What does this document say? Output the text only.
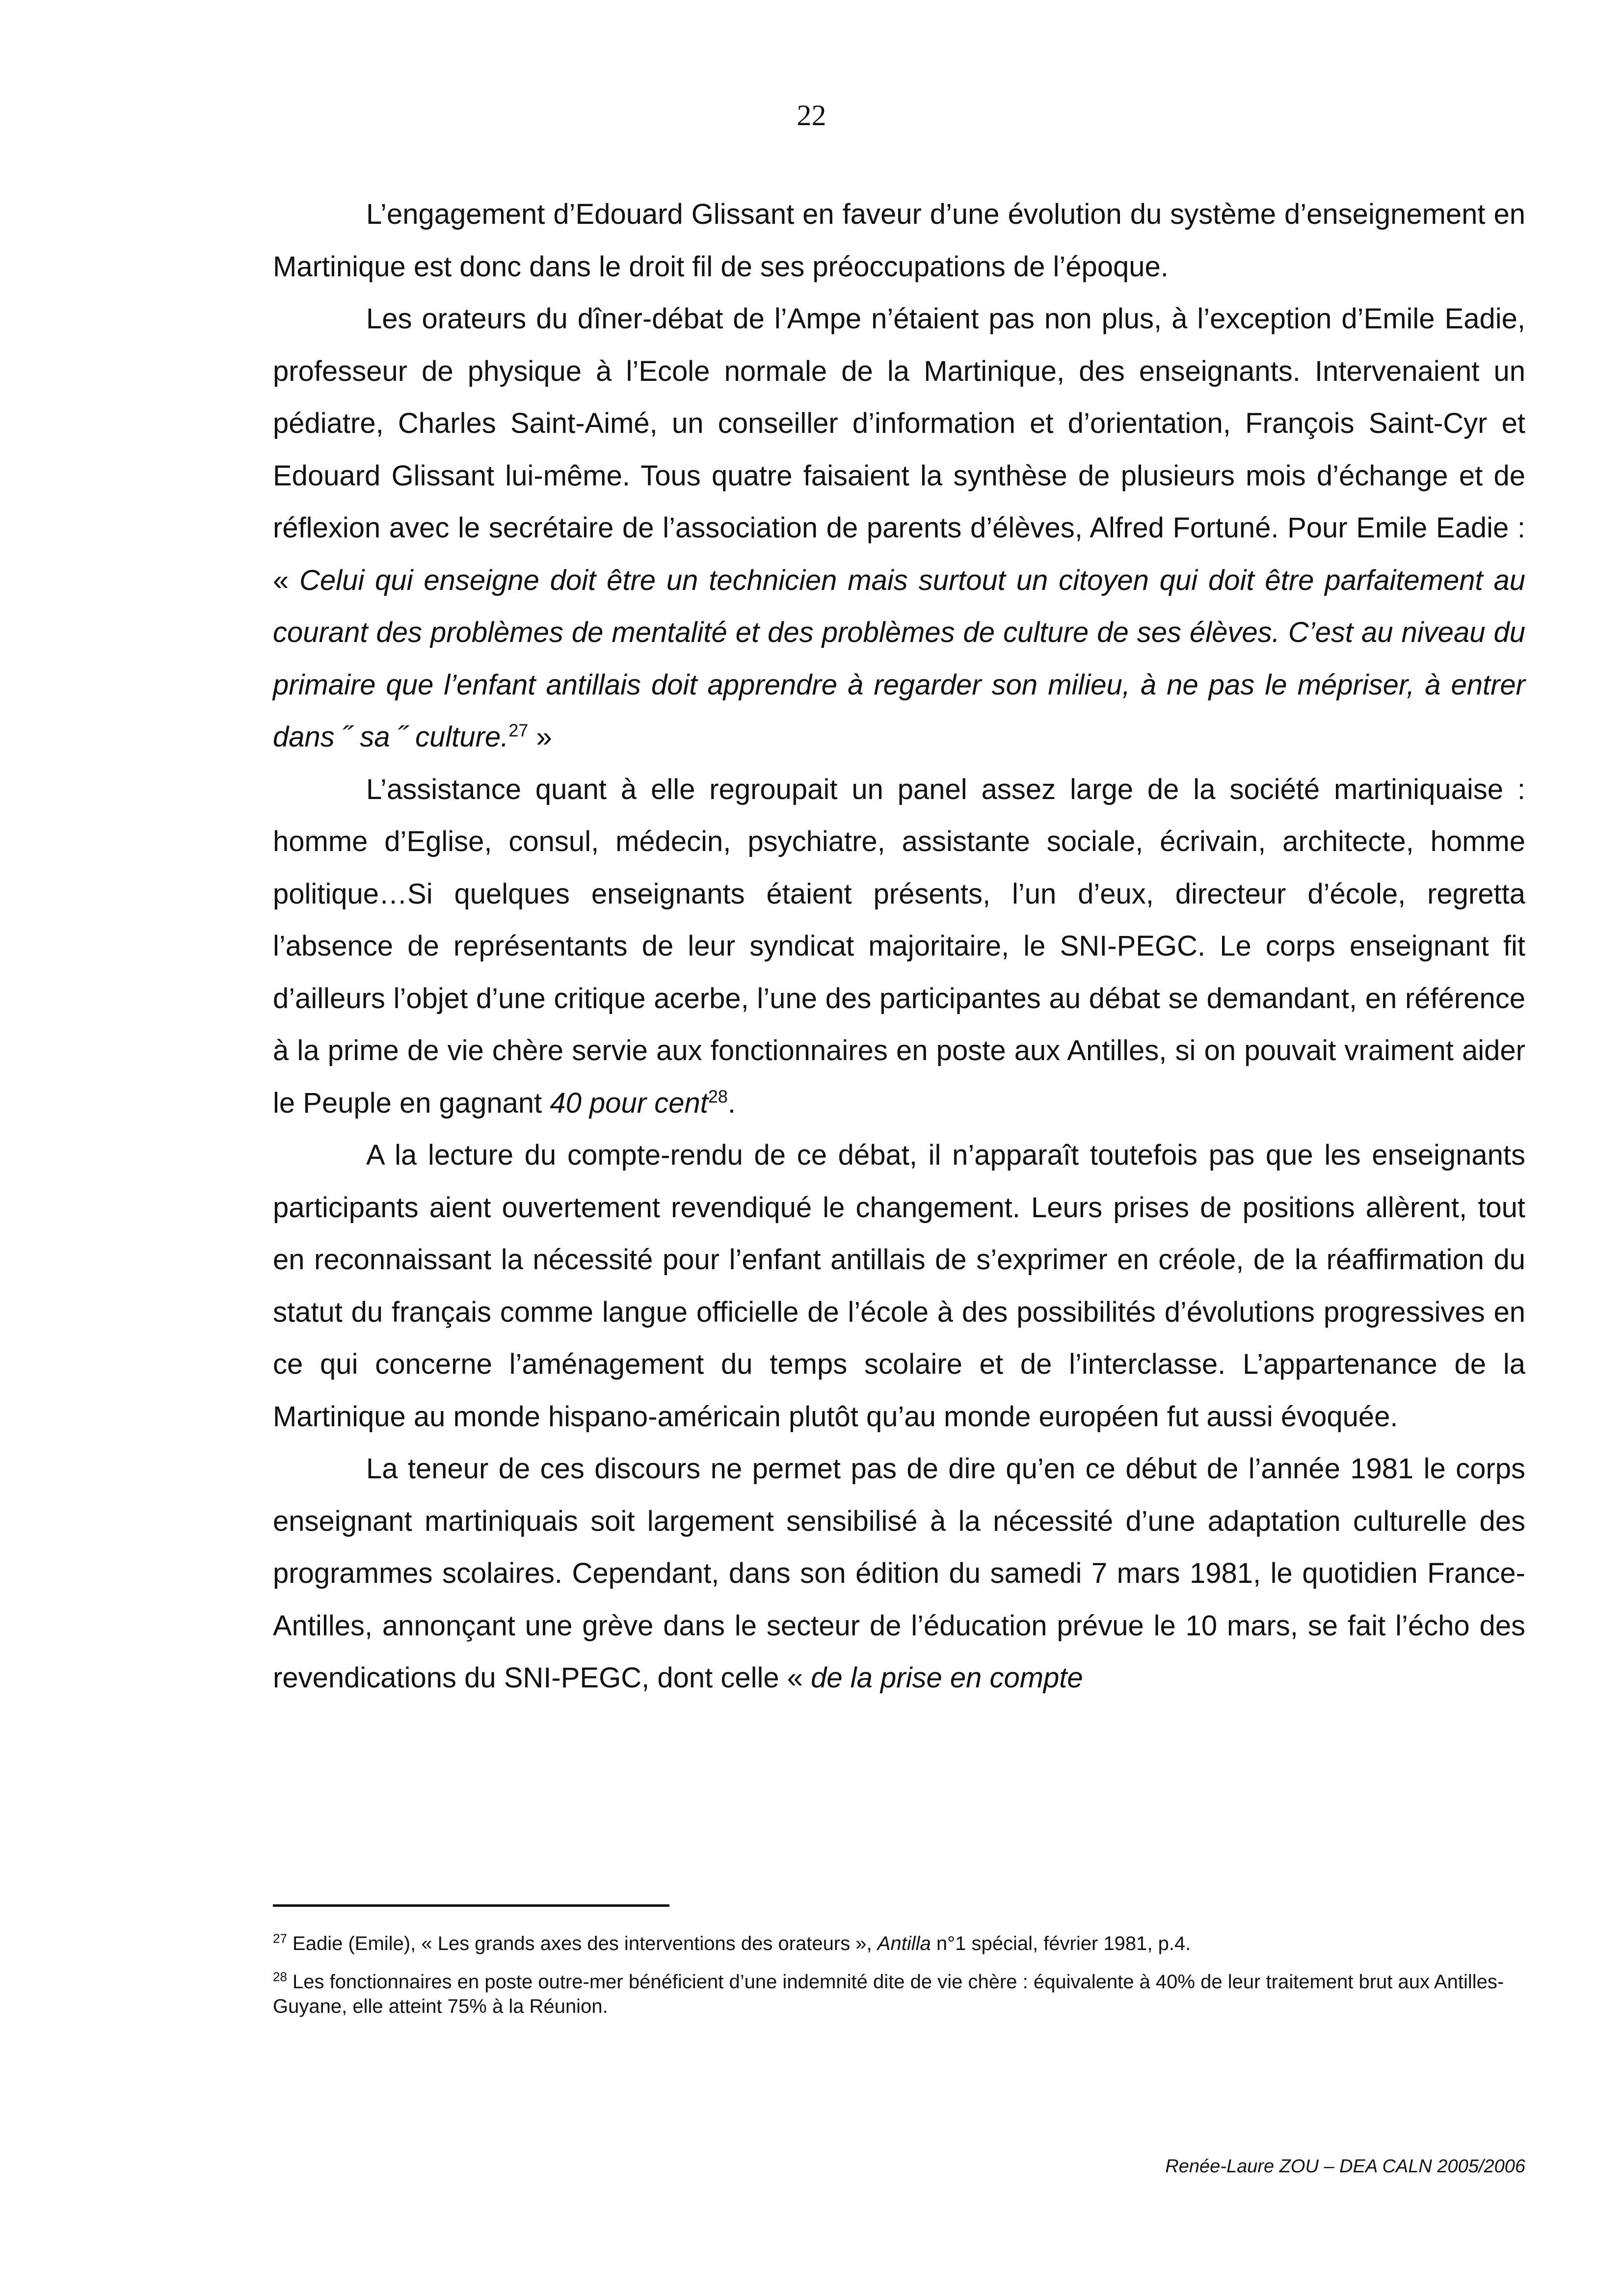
22

L’engagement d’Edouard Glissant en faveur d’une évolution du système d’enseignement en Martinique est donc dans le droit fil de ses préoccupations de l’époque.

Les orateurs du dîner-débat de l’Ampe n’étaient pas non plus, à l’exception d’Emile Eadie, professeur de physique à l’Ecole normale de la Martinique, des enseignants. Intervenaient un pédiatre, Charles Saint-Aimé, un conseiller d’information et d’orientation, François Saint-Cyr et Edouard Glissant lui-même. Tous quatre faisaient la synthèse de plusieurs mois d’échange et de réflexion avec le secrétaire de l’association de parents d’élèves, Alfred Fortuné. Pour Emile Eadie : « Celui qui enseigne doit être un technicien mais surtout un citoyen qui doit être parfaitement au courant des problèmes de mentalité et des problèmes de culture de ses élèves. C’est au niveau du primaire que l’enfant antillais doit apprendre à regarder son milieu, à ne pas le mépriser, à entrer dans ˝ sa ˝ culture.$^{27}$ »

L’assistance quant à elle regroupait un panel assez large de la société martiniquaise : homme d’Eglise, consul, médecin, psychiatre, assistante sociale, écrivain, architecte, homme politique…Si quelques enseignants étaient présents, l’un d’eux, directeur d’école, regretta l’absence de représentants de leur syndicat majoritaire, le SNI-PEGC. Le corps enseignant fit d’ailleurs l’objet d’une critique acerbe, l’une des participantes au débat se demandant, en référence à la prime de vie chère servie aux fonctionnaires en poste aux Antilles, si on pouvait vraiment aider le Peuple en gagnant 40 pour cent$^{28}$.

A la lecture du compte-rendu de ce débat, il n’apparaît toutefois pas que les enseignants participants aient ouvertement revendiqué le changement. Leurs prises de positions allèrent, tout en reconnaissant la nécessité pour l’enfant antillais de s’exprimer en créole, de la réaffirmation du statut du français comme langue officielle de l’école à des possibilités d’évolutions progressives en ce qui concerne l’aménagement du temps scolaire et de l’interclasse. L’appartenance de la Martinique au monde hispano-américain plutôt qu’au monde européen fut aussi évoquée.

La teneur de ces discours ne permet pas de dire qu’en ce début de l’année 1981 le corps enseignant martiniquais soit largement sensibilisé à la nécessité d’une adaptation culturelle des programmes scolaires. Cependant, dans son édition du samedi 7 mars 1981, le quotidien France-Antilles, annonçant une grève dans le secteur de l’éducation prévue le 10 mars, se fait l’écho des revendications du SNI-PEGC, dont celle « de la prise en compte

$^{27}$ Eadie (Emile), « Les grands axes des interventions des orateurs », Antilla n°1 spécial, février 1981, p.4.

$^{28}$ Les fonctionnaires en poste outre-mer bénéficient d’une indemnité dite de vie chère : équivalente à 40% de leur traitement brut aux Antilles-Guyane, elle atteint 75% à la Réunion.

Renée-Laure ZOU – DEA CALN 2005/2006
